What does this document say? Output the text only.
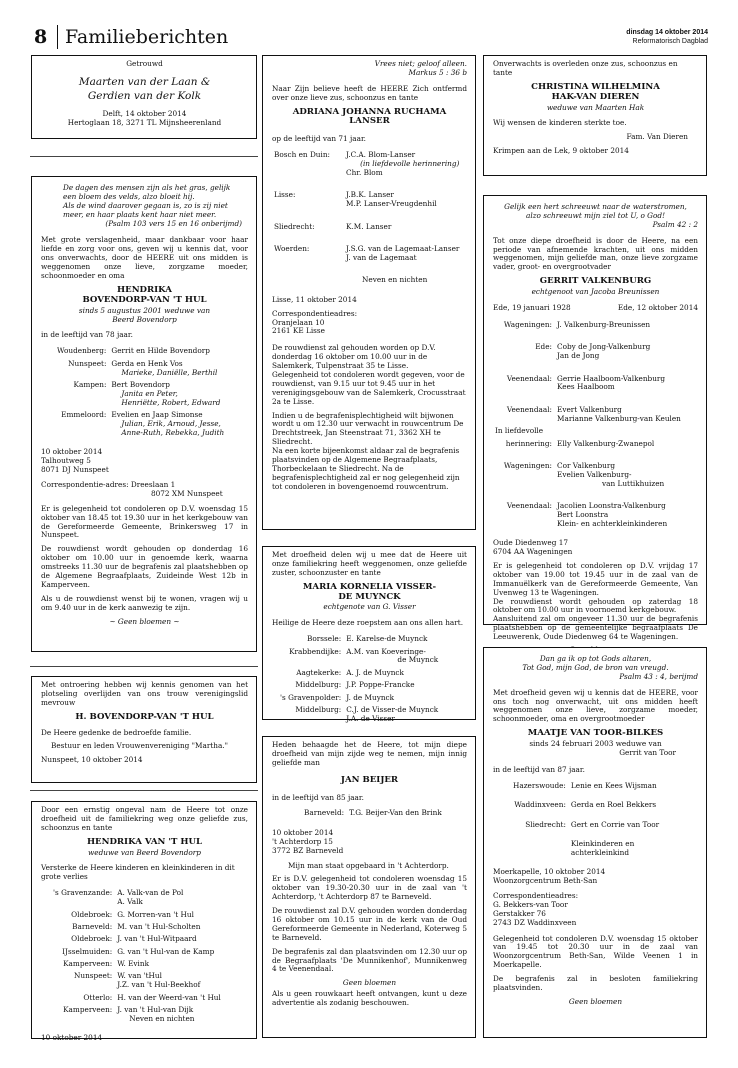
8 Familieberichten	dinsdag 14 oktober 2014
Reformatorisch Dagblad

Getrouwd

Maarten van der Laan &
Gerdien van der Kolk
Delft, 14 oktober 2014
Hertoglaan 18, 3271 TL Mijnsheerenland
De dagen des mensen zijn als het gras, gelijk
een bloem des velds, alzo bloeit hij.
Als de wind daarover gegaan is, zo is zij niet
meer, en haar plaats kent haar niet meer.
(Psalm 103 vers 15 en 16 onberijmd)

Met grote verslagenheid, maar dankbaar voor haar liefde en zorg voor ons, geven wij u kennis dat, voor ons onverwachts, door de HEERE uit ons midden is weggenomen onze lieve, zorgzame moeder, schoonmoeder en oma

HENDRIKA
BOVENDORP-VAN 'T HUL
sinds 5 augustus 2001 weduwe van
Beerd Bovendorp

in de leeftijd van 78 jaar.

Woudenberg:	Gerrit en Hilde Bovendorp

Nunspeet:	Gerda en Henk Vos
Marieke, Daniëlle, Berthil

Kampen:	Bert Bovendorp
Janita en Peter,
Henriëtte, Robert, Edward

Emmeloord:	Evelien en Jaap Simonse
Julian, Erik, Arnoud, Jesse,
Anne-Ruth, Rebekka, Judith
10 oktober 2014
Talhoutweg 5
8071 DJ Nunspeet
Correspondentie-adres: Dreeslaan 1
8072 XM Nunspeet

Er is gelegenheid tot condoleren op D.V. woensdag 15 oktober van 18.45 tot 19.30 uur in het kerkgebouw van de Gereformeerde Gemeente, Brinkersweg 17 in Nunspeet.

De rouwdienst wordt gehouden op donderdag 16 oktober om 10.00 uur in genoemde kerk, waarna omstreeks 11.30 uur de begrafenis zal plaatshebben op de Algemene Begraafplaats, Zuideinde West 12b in Kamperveen.

Als u de rouwdienst wenst bij te wonen, vragen wij u om 9.40 uur in de kerk aanwezig te zijn.

~ Geen bloemen ~

Met ontroering hebben wij kennis genomen van het plotseling overlijden van ons trouw verenigingslid mevrouw

H. BOVENDORP-VAN 'T HUL

De Heere gedenke de bedroefde familie.

Bestuur en leden Vrouwenvereniging "Martha."

Nunspeet, 10 oktober 2014

Door een ernstig ongeval nam de Heere tot onze droefheid uit de familiekring weg onze geliefde zus, schoonzus en tante

HENDRIKA VAN 'T HUL
weduwe van Beerd Bovendorp

Versterke de Heere kinderen en kleinkinderen in dit grote verlies

's Gravenzande:	A. Valk-van de Pol
A. Valk

Oldebroek:	G. Morren-van 't Hul
Barneveld:	M. van 't Hul-Scholten
Oldebroek:	J. van 't Hul-Witpaard
IJsselmuiden:	G. van 't Hul-van de Kamp
Kamperveen:	W. Evink
Nunspeet:	W. van 'tHul
J.Z. van 't Hul-Beekhof

Otterlo:	H. van der Weerd-van 't Hul
Kamperveen:	J. van 't Hul-van Dijk
Neven en nichten
10 oktober 2014
Vrees niet; geloof alleen.
Markus 5 : 36 b

Naar Zijn believe heeft de HEERE Zich ontfermd over onze lieve zus, schoonzus en tante

ADRIANA JOHANNA RUCHAMA
LANSER

op de leeftijd van 71 jaar.

Bosch en Duin:	J.C.A. Blom-Lanser
(in liefdevolle herinnering)
Chr. Blom

Lisse:	J.B.K. Lanser
M.P. Lanser-Vreugdenhil

Sliedrecht:	K.M. Lanser

Woerden:	J.S.G. van de Lagemaat-Lanser
J. van de Lagemaat

	Neven en nichten

Lisse, 11 oktober 2014

Correspondentieadres:
Oranjelaan 10
2161 KE Lisse
De rouwdienst zal gehouden worden op D.V. donderdag 16 oktober om 10.00 uur in de Salemkerk, Tulpenstraat 35 te Lisse.

Gelegenheid tot condoleren wordt gegeven, voor de rouwdienst, van 9.15 uur tot 9.45 uur in het verenigingsgebouw van de Salemkerk, Crocusstraat 2a te Lisse.

Indien u de begrafenisplechtigheid wilt bijwonen wordt u om 12.30 uur verwacht in rouwcentrum De Drechtstreek, Jan Steenstraat 71, 3362 XH te Sliedrecht.
Na een korte bijeenkomst aldaar zal de begrafenis plaatsvinden op de Algemene Begraafplaats, Thorbeckelaan te Sliedrecht. Na de begrafenisplechtigheid zal er nog gelegenheid zijn tot condoleren in bovengenoemd rouwcentrum.

Met droefheid delen wij u mee dat de Heere uit onze familiekring heeft weggenomen, onze geliefde zuster, schoonzuster en tante

MARIA KORNELIA VISSER-
DE MUYNCK
echtgenote van G. Visser

Heilige de Heere deze roepstem aan ons allen hart.

Borssele:	E. Karelse-de Muynck
Krabbendijke:	A.M. van Koeveringe-
de Muynck

Aagtekerke:	A. J. de Muynck
Middelburg:	J.P. Poppe-Francke
's Gravenpolder:	J. de Muynck
Middelburg:	C.J. de Visser-de Muynck
J.A. de Visser

Heden behaagde het de Heere, tot mijn diepe droefheid van mijn zijde weg te nemen, mijn innig geliefde man

JAN BEIJER

in de leeftijd van 85 jaar.

Barneveld:	T.G. Beijer-Van den Brink
10 oktober 2014
't Achterdorp 15
3772 BZ Barneveld

Mijn man staat opgebaard in 't Achterdorp.

Er is D.V. gelegenheid tot condoleren woensdag 15 oktober van 19.30-20.30 uur in de zaal van 't Achterdorp, 't Achterdorp 87 te Barneveld.

De rouwdienst zal D.V. gehouden worden donderdag 16 oktober om 10.15 uur in de kerk van de Oud Gereformeerde Gemeente in Nederland, Koterweg 5 te Barneveld.

De begrafenis zal dan plaatsvinden om 12.30 uur op de Begraafplaats 'De Munnikenhof', Munnikenweg 4 te Veenendaal.

Geen bloemen

Als u geen rouwkaart heeft ontvangen, kunt u deze advertentie als zodanig beschouwen.

Onverwachts is overleden onze zus, schoonzus en tante

CHRISTINA WILHELMINA
HAK-VAN DIEREN
weduwe van Maarten Hak

Wij wensen de kinderen sterkte toe.

Fam. Van Dieren

Krimpen aan de Lek, 9 oktober 2014
Gelijk een hert schreeuwt naar de waterstromen,
alzo schreeuwt mijn ziel tot U, o God!
Psalm 42 : 2

Tot onze diepe droefheid is door de Heere, na een periode van afnemende krachten, uit ons midden weggenomen, mijn geliefde man, onze lieve zorgzame vader, groot- en overgrootvader

GERRIT VALKENBURG
echtgenoot van Jacoba Breunissen
Ede, 19 januari 1928	Ede, 12 oktober 2014
Wageningen:	J. Valkenburg-Breunissen

Ede:	Coby de Jong-Valkenburg
Jan de Jong

Veenendaal:	Gerrie Haalboom-Valkenburg
Kees Haalboom

Veenendaal:	Evert Valkenburg
Marianne Valkenburg-van Keulen

In liefdevolle	
herinnering:	Elly Valkenburg-Zwanepol

Wageningen:	Cor Valkenburg
Evelien Valkenburg-
van Luttikhuizen

Veenendaal:	Jacolien Loonstra-Valkenburg
Bert Loonstra
Klein- en achterkleinkinderen
Oude Diedenweg 17
6704 AA Wageningen
Er is gelegenheid tot condoleren op D.V. vrijdag 17 oktober van 19.00 tot 19.45 uur in de zaal van de Immanuëlkerk van de Gereformeerde Gemeente, Van Uvenweg 13 te Wageningen.
De rouwdienst wordt gehouden op zaterdag 18 oktober om 10.00 uur in voornoemd kerkgebouw.
Aansluitend zal om ongeveer 11.30 uur de begrafenis plaatshebben op de gemeentelijke begraafplaats De Leeuwerenk, Oude Diedenweg 64 te Wageningen.
Dan ga ik op tot Gods altaren,
Tot God, mijn God, de bron van vreugd.
Psalm 43 : 4, berijmd

Met droefheid geven wij u kennis dat de HEERE, voor ons toch nog onverwacht, uit ons midden heeft weggenomen onze lieve, zorgzame moeder, schoonmoeder, oma en overgrootmoeder

MAATJE VAN TOOR-BILKES
sinds 24 februari 2003 weduwe van
Gerrit van Toor

in de leeftijd van 87 jaar.

Hazerswoude:	Lenie en Kees Wijsman

Waddinxveen:	Gerda en Roel Bekkers

Sliedrecht:	Gert en Corrie van Toor

	Kleinkinderen en
achterkleinkind
Moerkapelle, 10 oktober 2014
Woonzorgcentrum Beth-San
Correspondentieadres:
G. Bekkers-van Toor
Gerstakker 76
2743 DZ Waddinxveen

Gelegenheid tot condoleren D.V. woensdag 15 oktober van 19.45 tot 20.30 uur in de zaal van Woonzorgcentrum Beth-San, Wilde Veenen 1 in Moerkapelle.

De begrafenis zal in besloten familiekring plaatsvinden.

Geen bloemen
